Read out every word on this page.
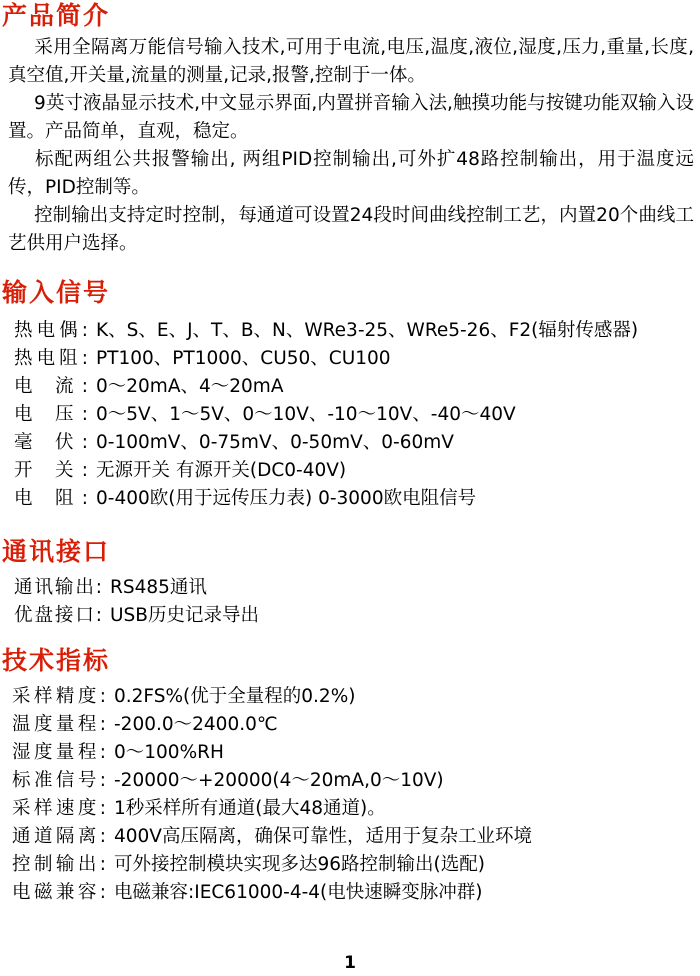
产品简介

采用全隔离万能信号输入技术,可用于电流,电压,温度,液位,湿度,压力,重量,长度,真空值,开关量,流量的测量,记录,报警,控制于一体。

9英寸液晶显示技术,中文显示界面,内置拼音输入法,触摸功能与按键功能双输入设置。产品简单，直观，稳定。

标配两组公共报警输出, 两组PID控制输出,可外扩48路控制输出，用于温度远传，PID控制等。

控制输出支持定时控制，每通道可设置24段时间曲线控制工艺，内置20个曲线工艺供用户选择。

输入信号
热电偶: K、S、E、J、T、B、N、WRe3-25、WRe5-26、F2(辐射传感器)
热电阻: PT100、PT1000、CU50、CU100
电 流: 0～20mA、4～20mA
电 压: 0～5V、1～5V、0～10V、-10～10V、-40～40V
毫 伏: 0-100mV、0-75mV、0-50mV、0-60mV
开 关: 无源开关 有源开关(DC0-40V)
电 阻: 0-400欧(用于远传压力表) 0-3000欧电阻信号
通讯接口
通讯输出: RS485通讯
优盘接口: USB历史记录导出
技术指标
采样精度: 0.2FS%(优于全量程的0.2%)
温度量程: -200.0～2400.0℃
湿度量程: 0～100%RH
标准信号: -20000～+20000(4～20mA,0～10V)
采样速度: 1秒采样所有通道(最大48通道)。
通道隔离: 400V高压隔离，确保可靠性，适用于复杂工业环境
控制输出: 可外接控制模块实现多达96路控制输出(选配)
电磁兼容: 电磁兼容:IEC61000-4-4(电快速瞬变脉冲群)
1
